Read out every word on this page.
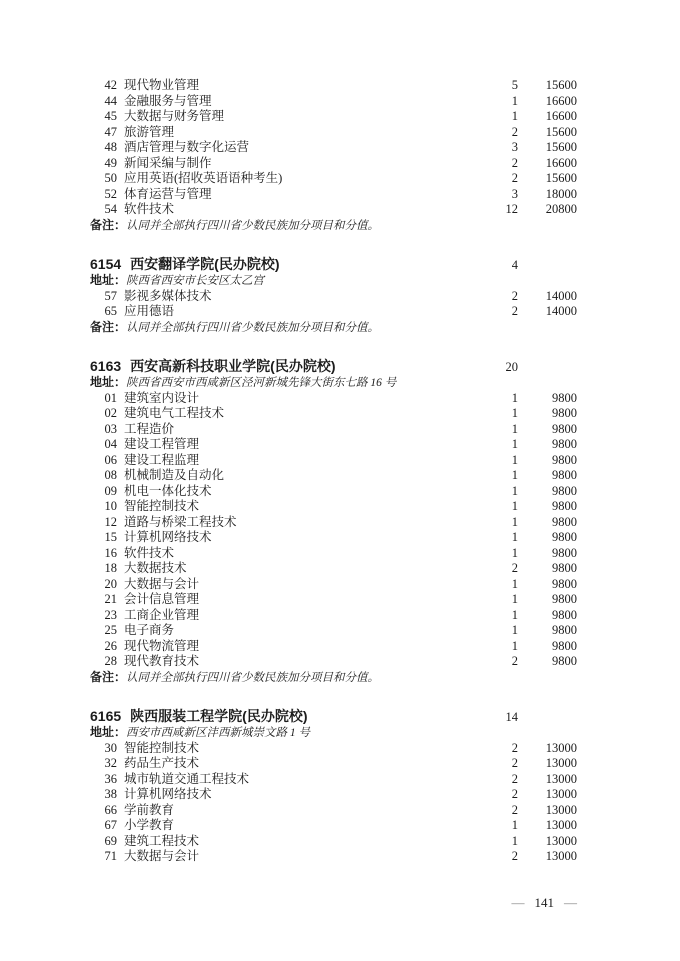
42 现代物业管理	5	15600
44 金融服务与管理	1	16600
45 大数据与财务管理	1	16600
47 旅游管理	2	15600
48 酒店管理与数字化运营	3	15600
49 新闻采编与制作	2	16600
50 应用英语(招收英语语种考生)	2	15600
52 体育运营与管理	3	18000
54 软件技术	12	20800
备注：认同并全部执行四川省少数民族加分项目和分值。
6154 西安翻译学院(民办院校)	4
地址：陕西省西安市长安区太乙宫
57 影视多媒体技术	2	14000
65 应用德语	2	14000
备注：认同并全部执行四川省少数民族加分项目和分值。
6163 西安高新科技职业学院(民办院校)	20
地址：陕西省西安市西咸新区泾河新城先锋大街东七路 16 号
01 建筑室内设计	1	9800
02 建筑电气工程技术	1	9800
03 工程造价	1	9800
04 建设工程管理	1	9800
06 建设工程监理	1	9800
08 机械制造及自动化	1	9800
09 机电一体化技术	1	9800
10 智能控制技术	1	9800
12 道路与桥梁工程技术	1	9800
15 计算机网络技术	1	9800
16 软件技术	1	9800
18 大数据技术	2	9800
20 大数据与会计	1	9800
21 会计信息管理	1	9800
23 工商企业管理	1	9800
25 电子商务	1	9800
26 现代物流管理	1	9800
28 现代教育技术	2	9800
备注：认同并全部执行四川省少数民族加分项目和分值。
6165 陕西服装工程学院(民办院校)	14
地址：西安市西咸新区沣西新城崇文路 1 号
30 智能控制技术	2	13000
32 药品生产技术	2	13000
36 城市轨道交通工程技术	2	13000
38 计算机网络技术	2	13000
66 学前教育	2	13000
67 小学教育	1	13000
69 建筑工程技术	1	13000
71 大数据与会计	2	13000
— 141 —
